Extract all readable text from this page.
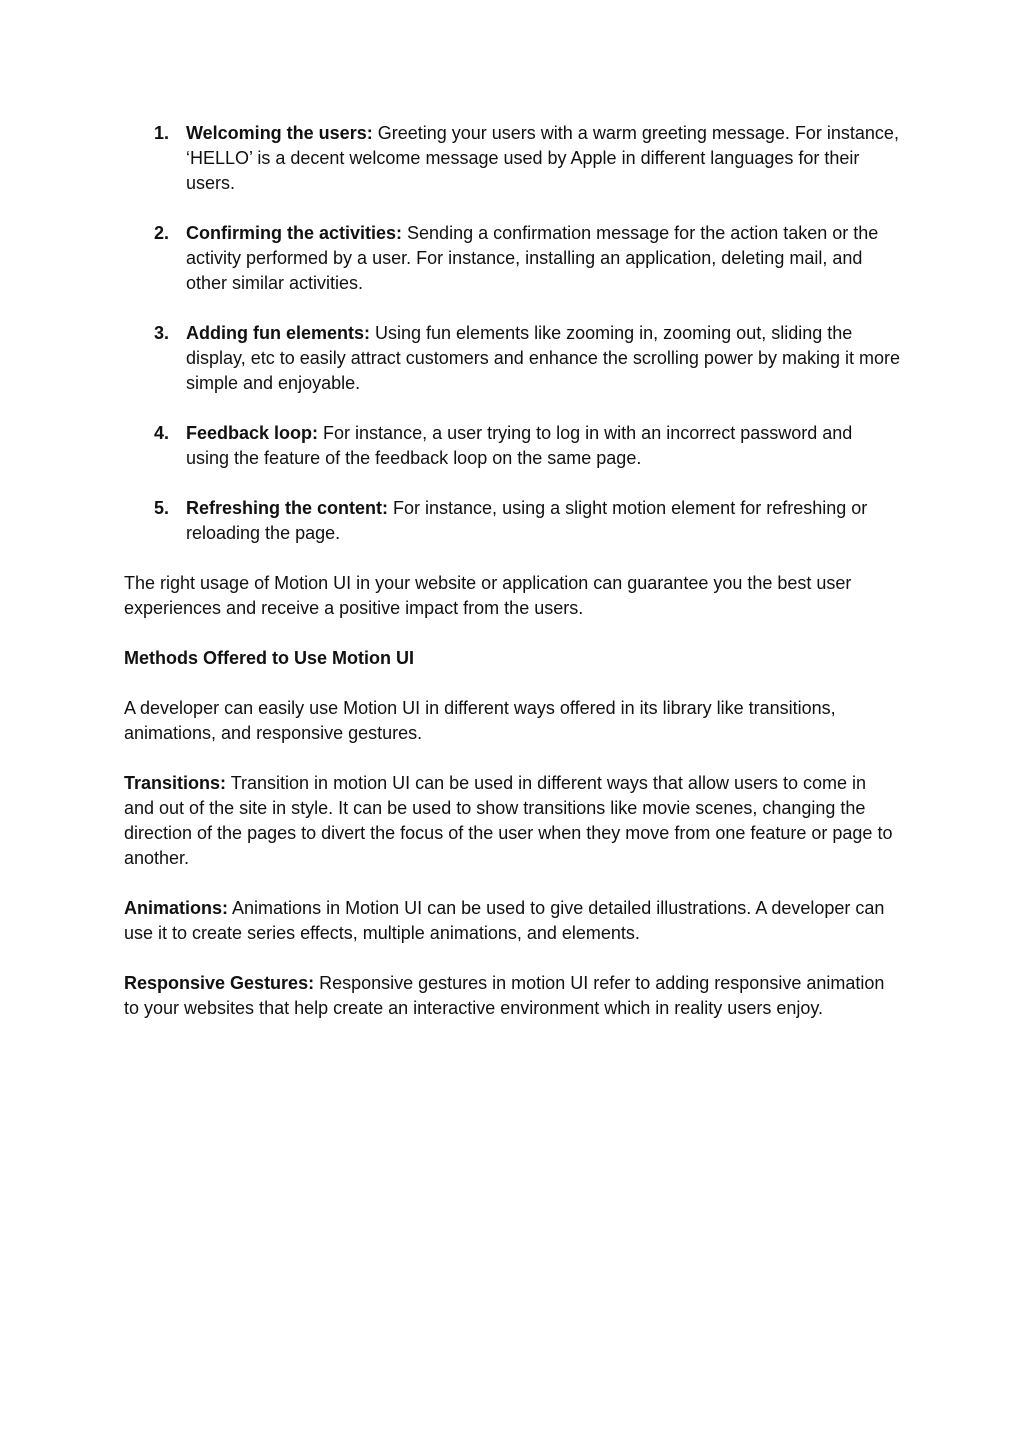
1. Welcoming the users: Greeting your users with a warm greeting message. For instance, ‘HELLO’ is a decent welcome message used by Apple in different languages for their users.
2. Confirming the activities: Sending a confirmation message for the action taken or the activity performed by a user. For instance, installing an application, deleting mail, and other similar activities.
3. Adding fun elements: Using fun elements like zooming in, zooming out, sliding the display, etc to easily attract customers and enhance the scrolling power by making it more simple and enjoyable.
4. Feedback loop: For instance, a user trying to log in with an incorrect password and using the feature of the feedback loop on the same page.
5. Refreshing the content: For instance, using a slight motion element for refreshing or reloading the page.

The right usage of Motion UI in your website or application can guarantee you the best user experiences and receive a positive impact from the users.

Methods Offered to Use Motion UI

A developer can easily use Motion UI in different ways offered in its library like transitions, animations, and responsive gestures.

Transitions: Transition in motion UI can be used in different ways that allow users to come in and out of the site in style. It can be used to show transitions like movie scenes, changing the direction of the pages to divert the focus of the user when they move from one feature or page to another.

Animations: Animations in Motion UI can be used to give detailed illustrations. A developer can use it to create series effects, multiple animations, and elements.

Responsive Gestures: Responsive gestures in motion UI refer to adding responsive animation to your websites that help create an interactive environment which in reality users enjoy.
